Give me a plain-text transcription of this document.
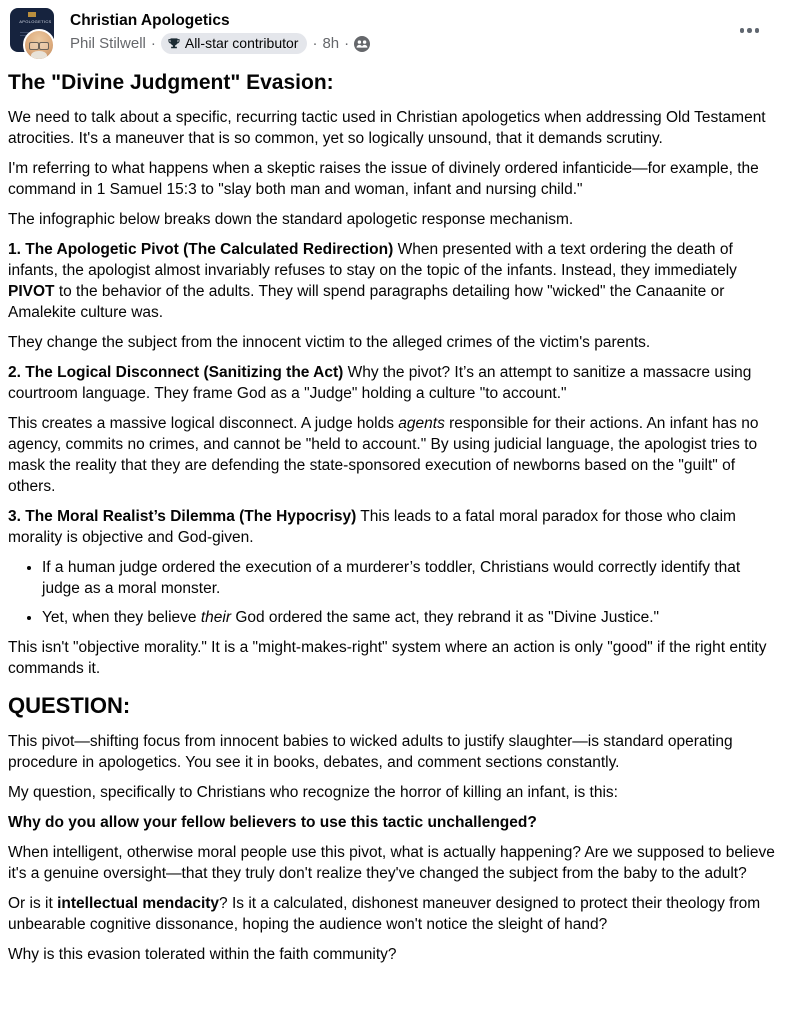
APOLOGETICS Christian Apologetics
Phil Stilwell · All-star contributor · 8h ·
The "Divine Judgment" Evasion:

We need to talk about a specific, recurring tactic used in Christian apologetics when addressing Old Testament atrocities. It's a maneuver that is so common, yet so logically unsound, that it demands scrutiny.

I'm referring to what happens when a skeptic raises the issue of divinely ordered infanticide—for example, the command in 1 Samuel 15:3 to "slay both man and woman, infant and nursing child."

The infographic below breaks down the standard apologetic response mechanism.

1. The Apologetic Pivot (The Calculated Redirection) When presented with a text ordering the death of infants, the apologist almost invariably refuses to stay on the topic of the infants. Instead, they immediately PIVOT to the behavior of the adults. They will spend paragraphs detailing how "wicked" the Canaanite or Amalekite culture was.

They change the subject from the innocent victim to the alleged crimes of the victim's parents.

2. The Logical Disconnect (Sanitizing the Act) Why the pivot? It’s an attempt to sanitize a massacre using courtroom language. They frame God as a "Judge" holding a culture "to account."

This creates a massive logical disconnect. A judge holds agents responsible for their actions. An infant has no agency, commits no crimes, and cannot be "held to account." By using judicial language, the apologist tries to mask the reality that they are defending the state-sponsored execution of newborns based on the "guilt" of others.

3. The Moral Realist’s Dilemma (The Hypocrisy) This leads to a fatal moral paradox for those who claim morality is objective and God-given.

• If a human judge ordered the execution of a murderer’s toddler, Christians would correctly identify that judge as a moral monster.
• Yet, when they believe their God ordered the same act, they rebrand it as "Divine Justice."

This isn't "objective morality." It is a "might-makes-right" system where an action is only "good" if the right entity commands it.

QUESTION:

This pivot—shifting focus from innocent babies to wicked adults to justify slaughter—is standard operating procedure in apologetics. You see it in books, debates, and comment sections constantly.

My question, specifically to Christians who recognize the horror of killing an infant, is this:

Why do you allow your fellow believers to use this tactic unchallenged?

When intelligent, otherwise moral people use this pivot, what is actually happening? Are we supposed to believe it's a genuine oversight—that they truly don't realize they've changed the subject from the baby to the adult?

Or is it intellectual mendacity? Is it a calculated, dishonest maneuver designed to protect their theology from unbearable cognitive dissonance, hoping the audience won't notice the sleight of hand?

Why is this evasion tolerated within the faith community?
